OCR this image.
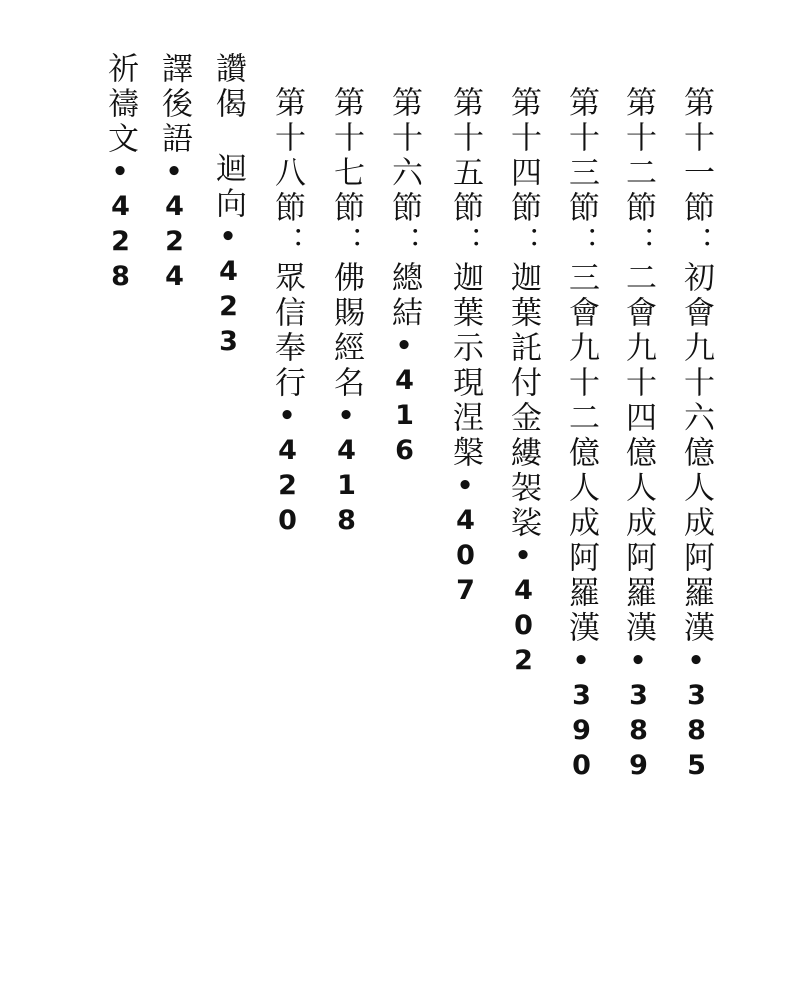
第十一節：初會九十六億人成阿羅漢•385
第十二節：二會九十四億人成阿羅漢•389
第十三節：三會九十二億人成阿羅漢•390
第十四節：迦葉託付金縷袈裟•402
第十五節：迦葉示現涅槃•407
第十六節：總結•416
第十七節：佛賜經名•418
第十八節：眾信奉行•420
讚偈迴向•423
譯後語•424
祈禱文•428
